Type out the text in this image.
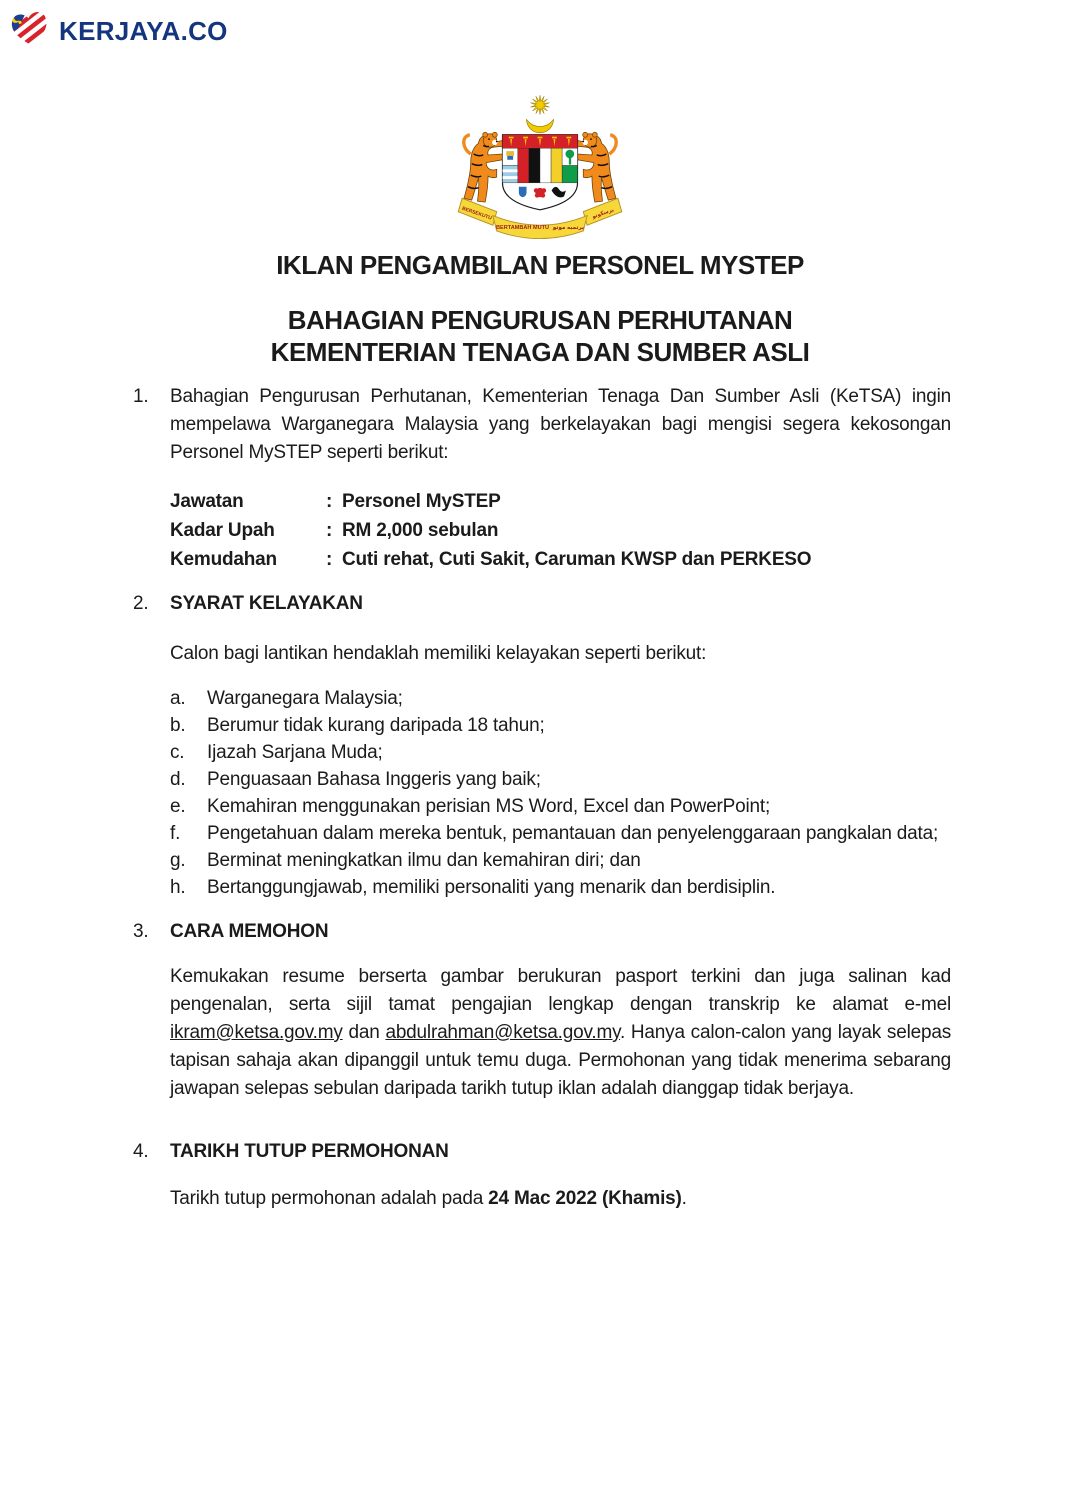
KERJAYA.CO
BERSEKUTU	برسکوتو
BERTAMBAH MUTU برتمبه موتو
IKLAN PENGAMBILAN PERSONEL MYSTEP
BAHAGIAN PENGURUSAN PERHUTANAN
KEMENTERIAN TENAGA DAN SUMBER ASLI
1.	Bahagian Pengurusan Perhutanan, Kementerian Tenaga Dan Sumber Asli (KeTSA) ingin mempelawa Warganegara Malaysia yang berkelayakan bagi mengisi segera kekosongan Personel MySTEP seperti berikut:

Jawatan	: Personel MySTEP
Kadar Upah	: RM 2,000 sebulan
Kemudahan	: Cuti rehat, Cuti Sakit, Caruman KWSP dan PERKESO
2.	SYARAT KELAYAKAN

Calon bagi lantikan hendaklah memiliki kelayakan seperti berikut:

a.	Warganegara Malaysia;
b.	Berumur tidak kurang daripada 18 tahun;
c.	Ijazah Sarjana Muda;
d.	Penguasaan Bahasa Inggeris yang baik;
e.	Kemahiran menggunakan perisian MS Word, Excel dan PowerPoint;
f.	Pengetahuan dalam mereka bentuk, pemantauan dan penyelenggaraan pangkalan data;
g.	Berminat meningkatkan ilmu dan kemahiran diri; dan
h.	Bertanggungjawab, memiliki personaliti yang menarik dan berdisiplin.
3.	CARA MEMOHON

Kemukakan resume berserta gambar berukuran pasport terkini dan juga salinan kad pengenalan, serta sijil tamat pengajian lengkap dengan transkrip ke alamat e-mel ikram@ketsa.gov.my dan abdulrahman@ketsa.gov.my. Hanya calon-calon yang layak selepas tapisan sahaja akan dipanggil untuk temu duga. Permohonan yang tidak menerima sebarang jawapan selepas sebulan daripada tarikh tutup iklan adalah dianggap tidak berjaya.

4.	TARIKH TUTUP PERMOHONAN

Tarikh tutup permohonan adalah pada 24 Mac 2022 (Khamis).
